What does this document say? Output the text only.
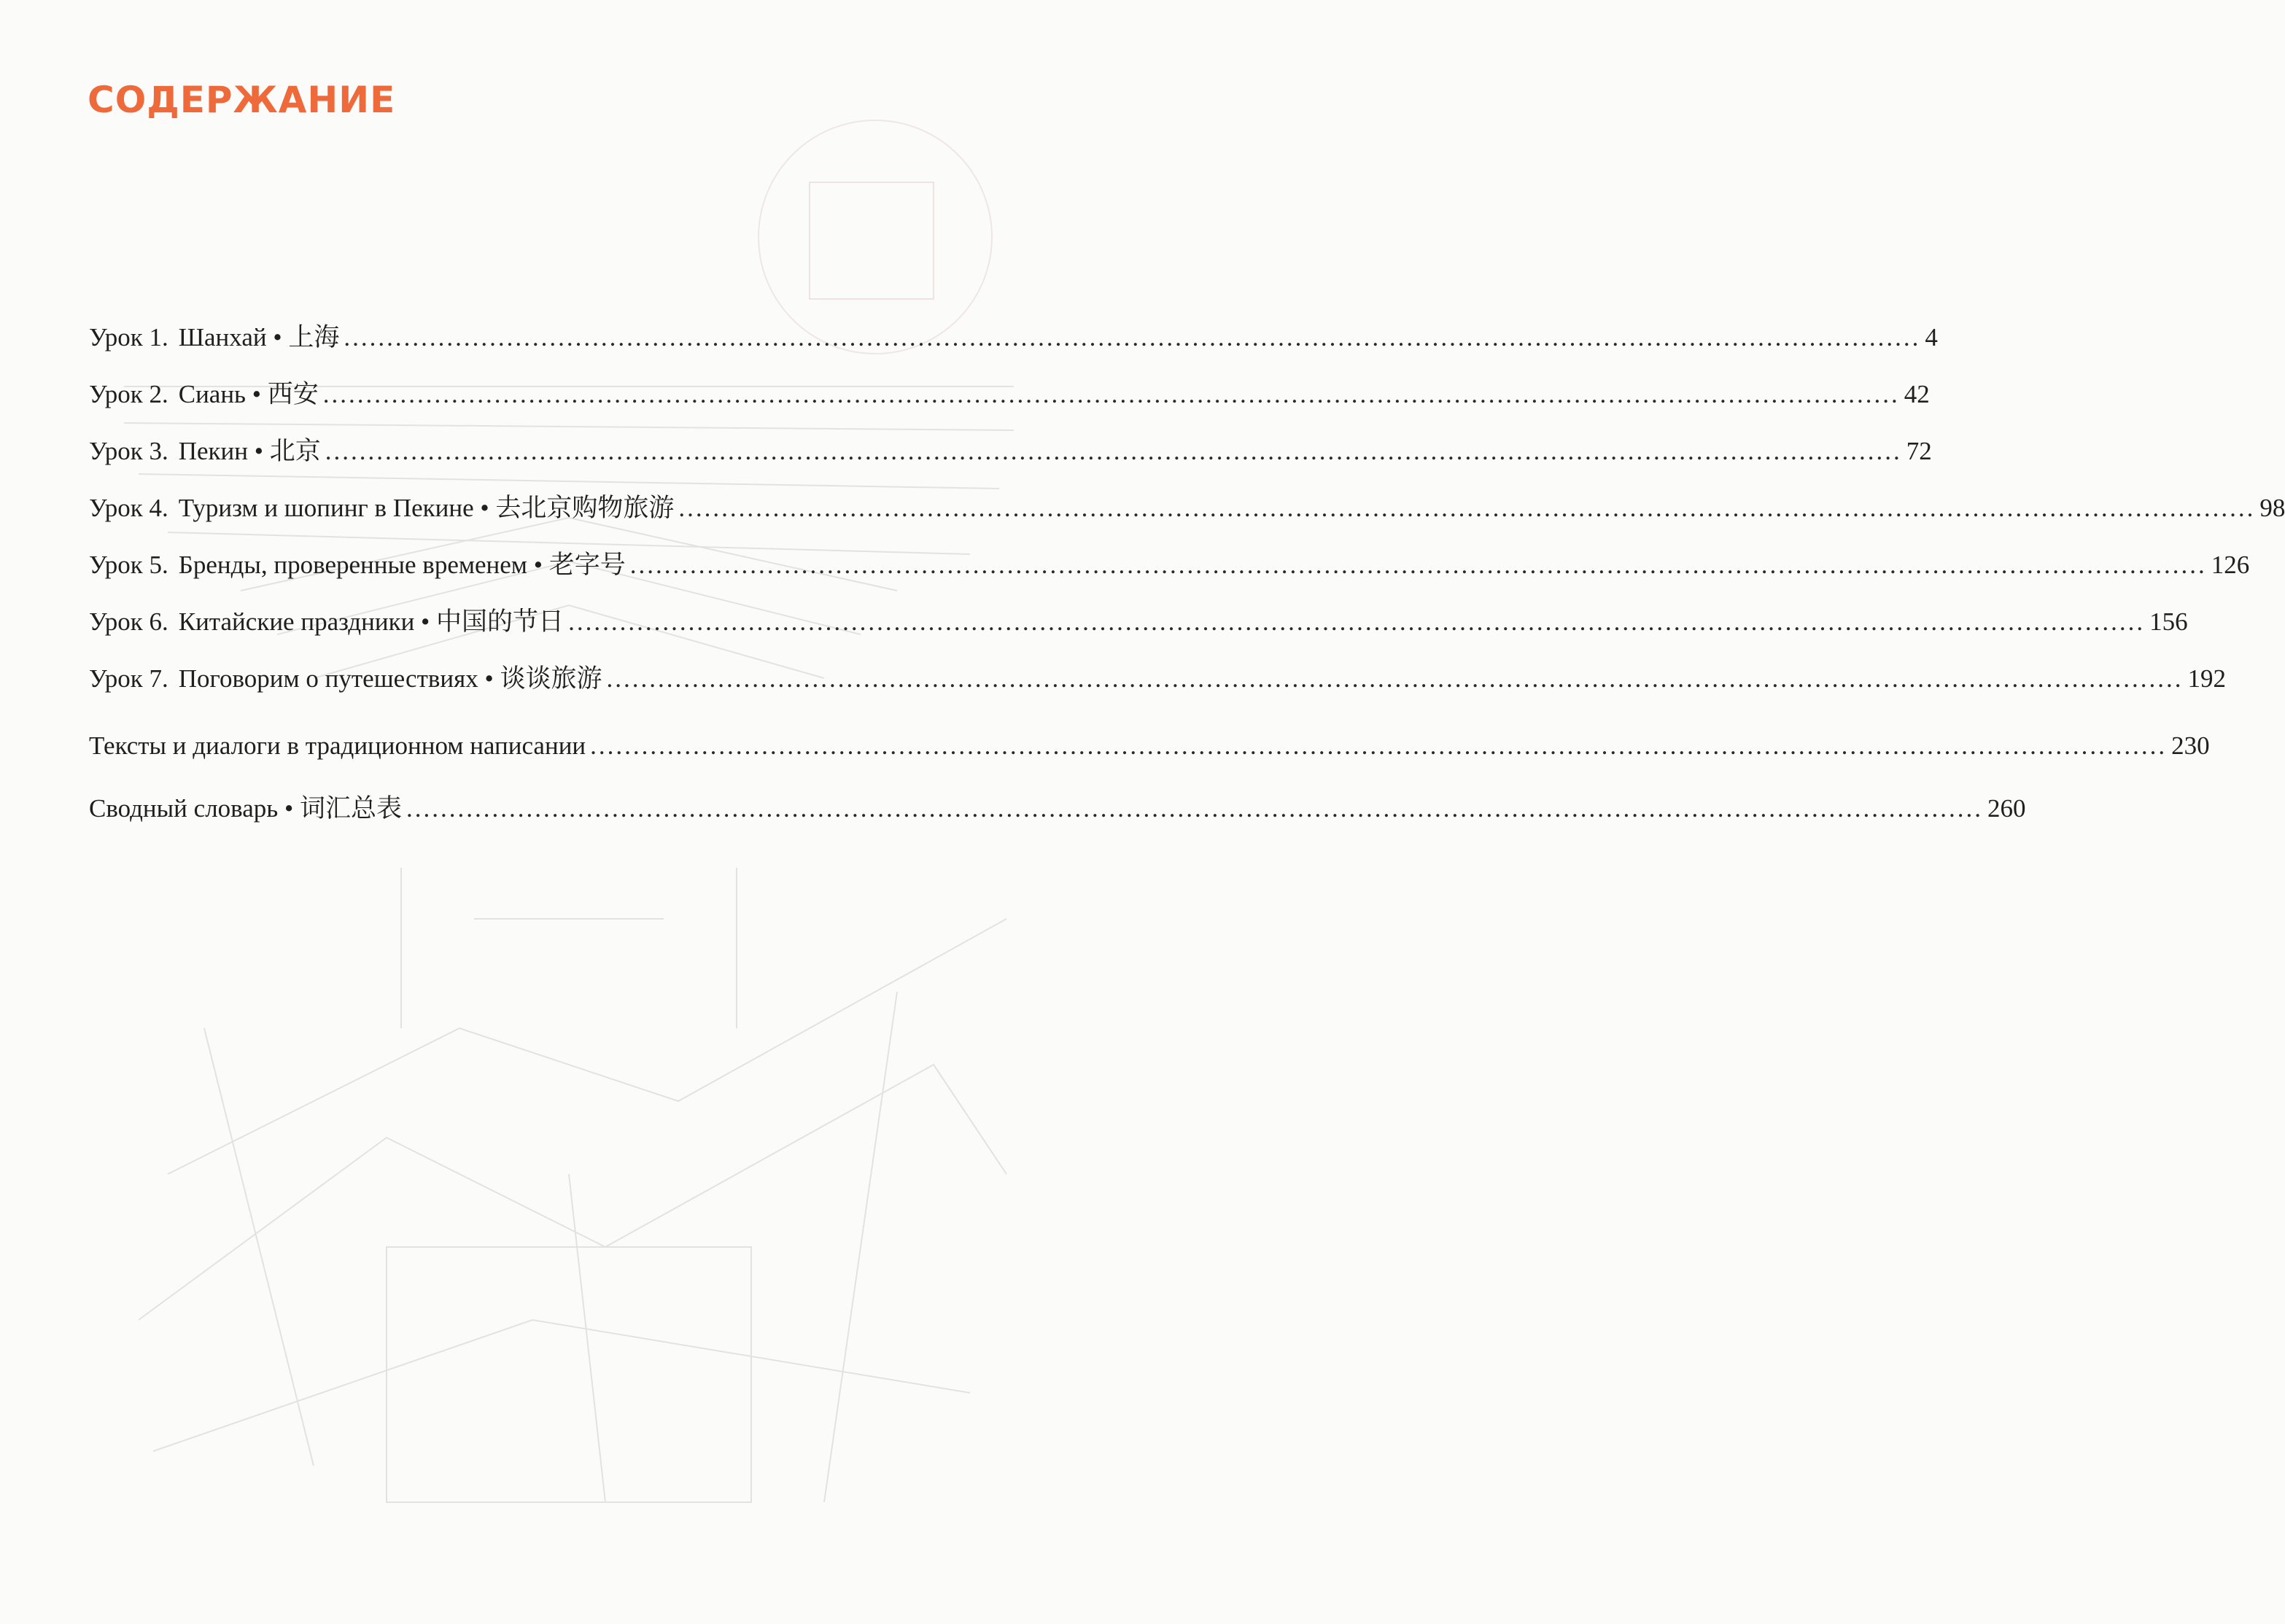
СОДЕРЖАНИЕ
Урок 1. Шанхай • 上海 ........................................................................................................................................................................................ 4
Урок 2. Сиань • 西安 ........................................................................................................................................................................................ 42
Урок 3. Пекин • 北京 ........................................................................................................................................................................................ 72
Урок 4. Туризм и шопинг в Пекине • 去北京购物旅游 ........................................................................................................................................................................................ 98
Урок 5. Бренды, проверенные временем • 老字号 ........................................................................................................................................................................................ 126
Урок 6. Китайские праздники • 中国的节日 ........................................................................................................................................................................................ 156
Урок 7. Поговорим о путешествиях • 谈谈旅游 ........................................................................................................................................................................................ 192
Тексты и диалоги в традиционном написании ........................................................................................................................................................................................ 230
Сводный словарь • 词汇总表 ........................................................................................................................................................................................ 260
